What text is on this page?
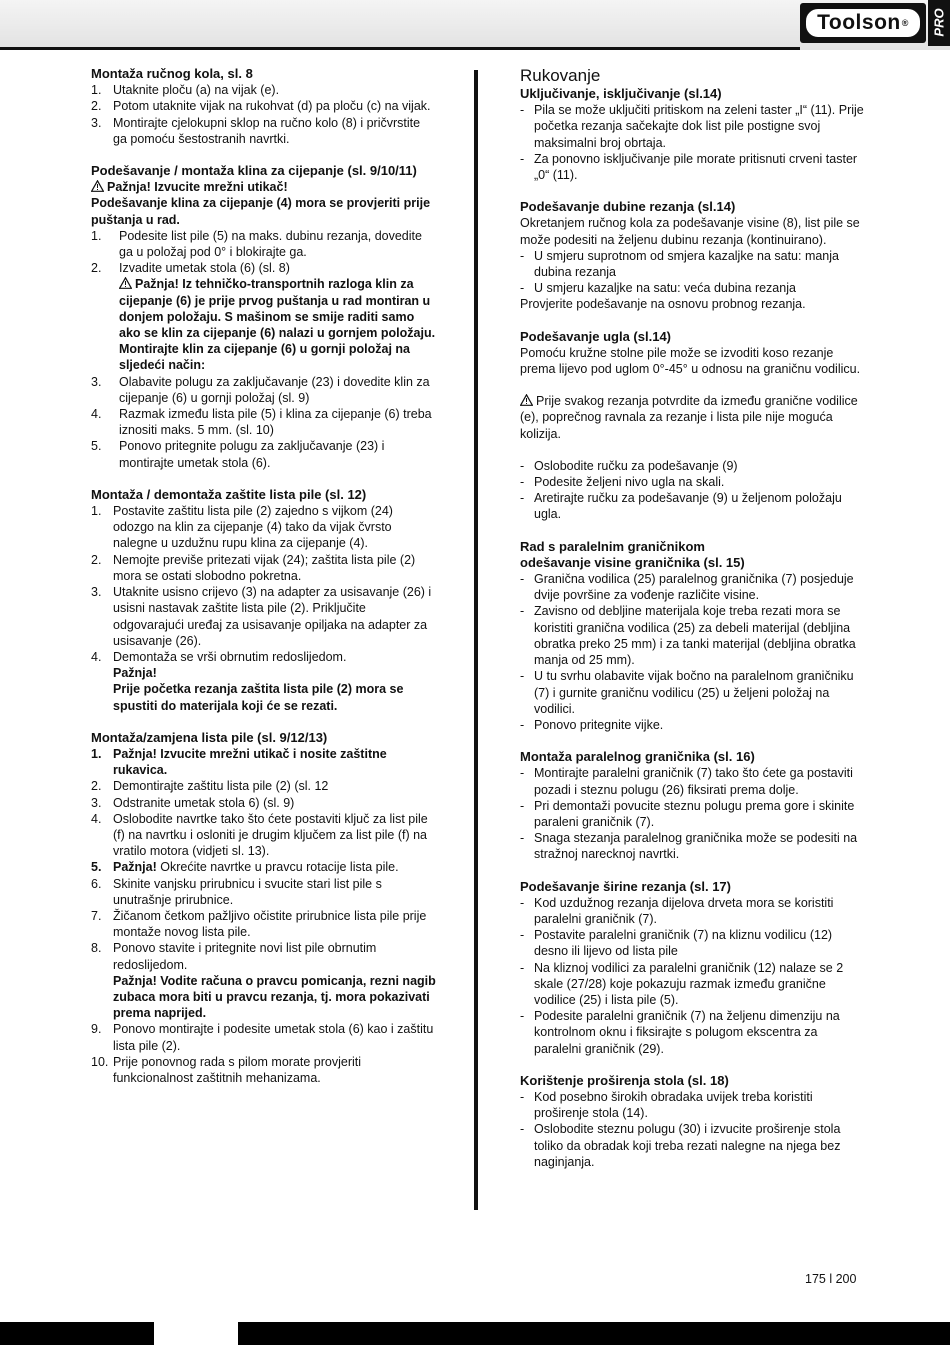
Toolson ® PRO
Montaža ručnog kola, sl. 8
1. Utaknite ploču (a) na vijak (e).
2. Potom utaknite vijak na rukohvat (d) pa ploču (c) na vijak.
3. Montirajte cjelokupni sklop na ručno kolo (8) i pričvrstite ga pomoću šestostranih navrtki.
Podešavanje / montaža klina za cijepanje (sl. 9/10/11)
Pažnja! Izvucite mrežni utikač!
Podešavanje klina za cijepanje (4) mora se provjeriti prije puštanja u rad.
1.	Podesite list pile (5) na maks. dubinu rezanja, dovedite ga u položaj pod 0° i blokirajte ga.
2.	Izvadite umetak stola (6) (sl. 8)
Pažnja! Iz tehničko-transportnih razloga klin za cijepanje (6) je prije prvog puštanja u rad montiran u donjem položaju. S mašinom se smije raditi samo ako se klin za cijepanje (6) nalazi u gornjem položaju. Montirajte klin za cijepanje (6) u gornji položaj na sljedeći način:
3.	Olabavite polugu za zaključavanje (23) i dovedite klin za cijepanje (6) u gornji položaj (sl. 9)
4.	Razmak između lista pile (5) i klina za cijepanje (6) treba iznositi maks. 5 mm. (sl. 10)
5.	Ponovo pritegnite polugu za zaključavanje (23) i montirajte umetak stola (6).
Montaža / demontaža zaštite lista pile (sl. 12)
1. Postavite zaštitu lista pile (2) zajedno s vijkom (24) odozgo na klin za cijepanje (4) tako da vijak čvrsto nalegne u uzdužnu rupu klina za cijepanje (4).
2. Nemojte previše pritezati vijak (24); zaštita lista pile (2) mora se ostati slobodno pokretna.
3. Utaknite usisno crijevo (3) na adapter za usisavanje (26) i usisni nastavak zaštite lista pile (2). Priključite odgovarajući uređaj za usisavanje opiljaka na adapter za usisavanje (26).
4. Demontaža se vrši obrnutim redoslijedom.
Pažnja!
Prije početka rezanja zaštita lista pile (2) mora se spustiti do materijala koji će se rezati.
Montaža/zamjena lista pile (sl. 9/12/13)
1. Pažnja! Izvucite mrežni utikač i nosite zaštitne rukavica.
2. Demontirajte zaštitu lista pile (2) (sl. 12
3. Odstranite umetak stola 6) (sl. 9)
4. Oslobodite navrtke tako što ćete postaviti ključ za list pile (f) na navrtku i osloniti je drugim ključem za list pile (f) na vratilo motora (vidjeti sl. 13).
5. Pažnja! Okrećite navrtke u pravcu rotacije lista pile.
6. Skinite vanjsku prirubnicu i svucite stari list pile s unutrašnje prirubnice.
7. Žičanom četkom pažljivo očistite prirubnice lista pile prije montaže novog lista pile.
8. Ponovo stavite i pritegnite novi list pile obrnutim redoslijedom.
Pažnja! Vodite računa o pravcu pomicanja, rezni nagib zubaca mora biti u pravcu rezanja, tj. mora pokazivati prema naprijed.
9. Ponovo montirajte i podesite umetak stola (6) kao i zaštitu lista pile (2).
10. Prije ponovnog rada s pilom morate provjeriti funkcionalnost zaštitnih mehanizama.
Rukovanje
Uključivanje, isključivanje (sl.14)
- Pila se može uključiti pritiskom na zeleni taster „I“ (11). Prije početka rezanja sačekajte dok list pile postigne svoj maksimalni broj obrtaja.
- Za ponovno isključivanje pile morate pritisnuti crveni taster „0“ (11).
Podešavanje dubine rezanja (sl.14)
Okretanjem ručnog kola za podešavanje visine (8), list pile se može podesiti na željenu dubinu rezanja (kontinuirano).
- U smjeru suprotnom od smjera kazaljke na satu: manja dubina rezanja
- U smjeru kazaljke na satu: veća dubina rezanja
Provjerite podešavanje na osnovu probnog rezanja.
Podešavanje ugla (sl.14)
Pomoću kružne stolne pile može se izvoditi koso rezanje prema lijevo pod uglom 0°-45° u odnosu na graničnu vodilicu.
Prije svakog rezanja potvrdite da između granične vodilice (e), poprečnog ravnala za rezanje i lista pile nije moguća kolizija.
- Oslobodite ručku za podešavanje (9)
- Podesite željeni nivo ugla na skali.
- Aretirajte ručku za podešavanje (9) u željenom položaju ugla.
Rad s paralelnim graničnikom
odešavanje visine graničnika (sl. 15)
- Granična vodilica (25) paralelnog graničnika (7) posjeduje dvije površine za vođenje različite visine.
- Zavisno od debljine materijala koje treba rezati mora se koristiti granična vodilica (25) za debeli materijal (debljina obratka preko 25 mm) i za tanki materijal (debljina obratka manja od 25 mm).
- U tu svrhu olabavite vijak bočno na paralelnom graničniku (7) i gurnite graničnu vodilicu (25) u željeni položaj na vodilici.
- Ponovo pritegnite vijke.
Montaža paralelnog graničnika (sl. 16)
- Montirajte paralelni graničnik (7) tako što ćete ga postaviti pozadi i steznu polugu (26) fiksirati prema dolje.
- Pri demontaži povucite steznu polugu prema gore i skinite paraleni graničnik (7).
- Snaga stezanja paralelnog graničnika može se podesiti na stražnoj narecknoj navrtki.
Podešavanje širine rezanja (sl. 17)
- Kod uzdužnog rezanja dijelova drveta mora se koristiti paralelni graničnik (7).
- Postavite paralelni graničnik (7) na kliznu vodilicu (12) desno ili lijevo od lista pile
- Na kliznoj vodilici za paralelni graničnik (12) nalaze se 2 skale (27/28) koje pokazuju razmak između graničnе vodilice (25) i lista pile (5).
- Podesite paralelni graničnik (7) na željenu dimenziju na kontrolnom oknu i fiksirajte s polugom ekscentra za paralelni graničnik (29).
Korištenje proširenja stola (sl. 18)
- Kod posebno širokih obradaka uvijek treba koristiti proširenje stola (14).
- Oslobodite steznu polugu (30) i izvucite proširenje stola toliko da obradak koji treba rezati nalegne na njega bez naginjanja.
175 l 200
